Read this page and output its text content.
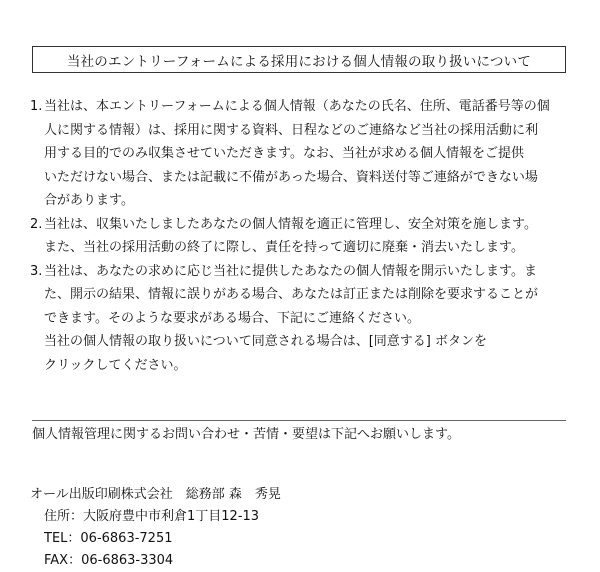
当社のエントリーフォームによる採用における個人情報の取り扱いについて
1. 当社は、本エントリーフォームによる個人情報（あなたの氏名、住所、電話番号等の個
人に関する情報）は、採用に関する資料、日程などのご連絡など当社の採用活動に利
用する目的でのみ収集させていただきます。なお、当社が求める個人情報をご提供
いただけない場合、または記載に不備があった場合、資料送付等ご連絡ができない場
合があります。
2. 当社は、収集いたしましたあなたの個人情報を適正に管理し、安全対策を施します。
また、当社の採用活動の終了に際し、責任を持って適切に廃棄・消去いたします。
3. 当社は、あなたの求めに応じ当社に提供したあなたの個人情報を開示いたします。ま
た、開示の結果、情報に誤りがある場合、あなたは訂正または削除を要求することが
できます。そのような要求がある場合、下記にご連絡ください。
当社の個人情報の取り扱いについて同意される場合は、[同意する] ボタンを
クリックしてください。
個人情報管理に関するお問い合わせ・苦情・要望は下記へお願いします。
オール出版印刷株式会社　総務部 森　秀晃
住所：大阪府豊中市利倉1丁目12-13
TEL：06-6863-7251
FAX：06-6863-3304
